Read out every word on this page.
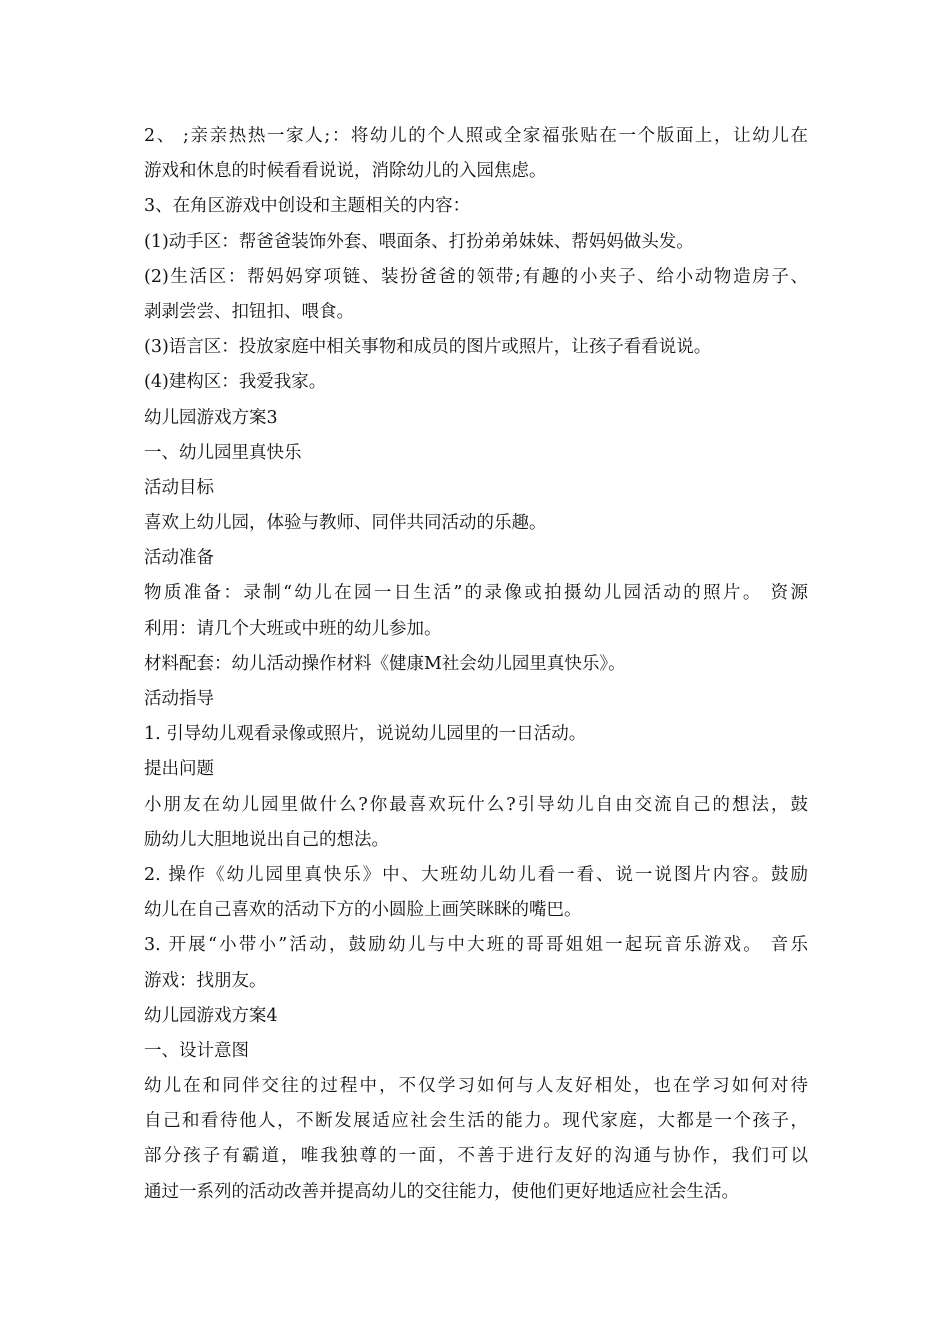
2、 ;亲亲热热一家人;：将幼儿的个人照或全家福张贴在一个版面上，让幼儿在
游戏和休息的时候看看说说，消除幼儿的入园焦虑。
3、在角区游戏中创设和主题相关的内容：
(1)动手区：帮爸爸装饰外套、喂面条、打扮弟弟妹妹、帮妈妈做头发。
(2)生活区：帮妈妈穿项链、装扮爸爸的领带;有趣的小夹子、给小动物造房子、
剥剥尝尝、扣钮扣、喂食。
(3)语言区：投放家庭中相关事物和成员的图片或照片，让孩子看看说说。
(4)建构区：我爱我家。
幼儿园游戏方案3
一、幼儿园里真快乐
活动目标
喜欢上幼儿园，体验与教师、同伴共同活动的乐趣。
活动准备
物质准备：录制“幼儿在园一日生活”的录像或拍摄幼儿园活动的照片。 资源
利用：请几个大班或中班的幼儿参加。
材料配套：幼儿活动操作材料《健康M社会幼儿园里真快乐》。
活动指导
1. 引导幼儿观看录像或照片，说说幼儿园里的一日活动。
提出问题
小朋友在幼儿园里做什么?你最喜欢玩什么?引导幼儿自由交流自己的想法，鼓
励幼儿大胆地说出自己的想法。
2. 操作《幼儿园里真快乐》中、大班幼儿幼儿看一看、说一说图片内容。鼓励
幼儿在自己喜欢的活动下方的小圆脸上画笑眯眯的嘴巴。
3. 开展“小带小”活动，鼓励幼儿与中大班的哥哥姐姐一起玩音乐游戏。 音乐
游戏：找朋友。
幼儿园游戏方案4
一、设计意图
幼儿在和同伴交往的过程中，不仅学习如何与人友好相处，也在学习如何对待
自己和看待他人，不断发展适应社会生活的能力。现代家庭，大都是一个孩子，
部分孩子有霸道，唯我独尊的一面，不善于进行友好的沟通与协作，我们可以
通过一系列的活动改善并提高幼儿的交往能力，使他们更好地适应社会生活。
